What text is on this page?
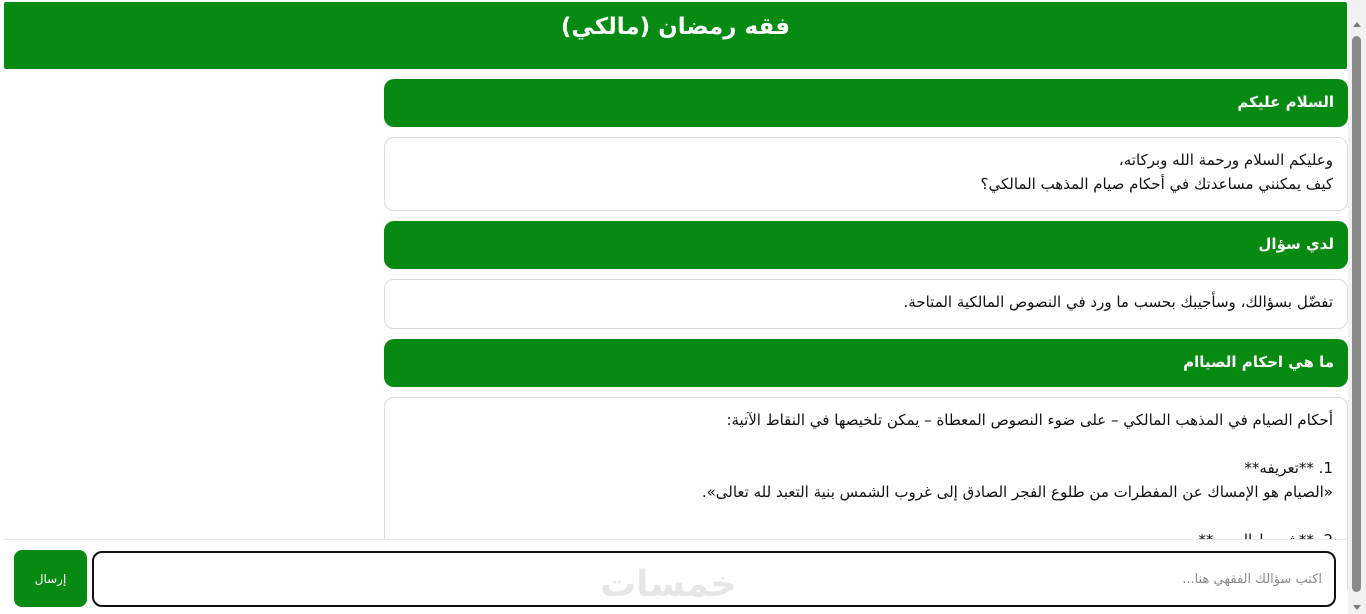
فقه رمضان (مالكي)
السلام عليكم
وعليكم السلام ورحمة الله وبركاته،
كيف يمكنني مساعدتك في أحكام صيام المذهب المالكي؟
لدي سؤال
تفضّل بسؤالك، وسأجيبك بحسب ما ورد في النصوص المالكية المتاحة.
ما هي احكام الصياام
أحكام الصيام في المذهب المالكي – على ضوء النصوص المعطاة – يمكن تلخيصها في النقاط الآتية:

1. **تعريفه**
«الصيام هو الإمساك عن المفطرات من طلوع الفجر الصادق إلى غروب الشمس بنية التعبد لله تعالى».

إرسال
اكتب سؤالك الفقهي هنا...	خمسات
